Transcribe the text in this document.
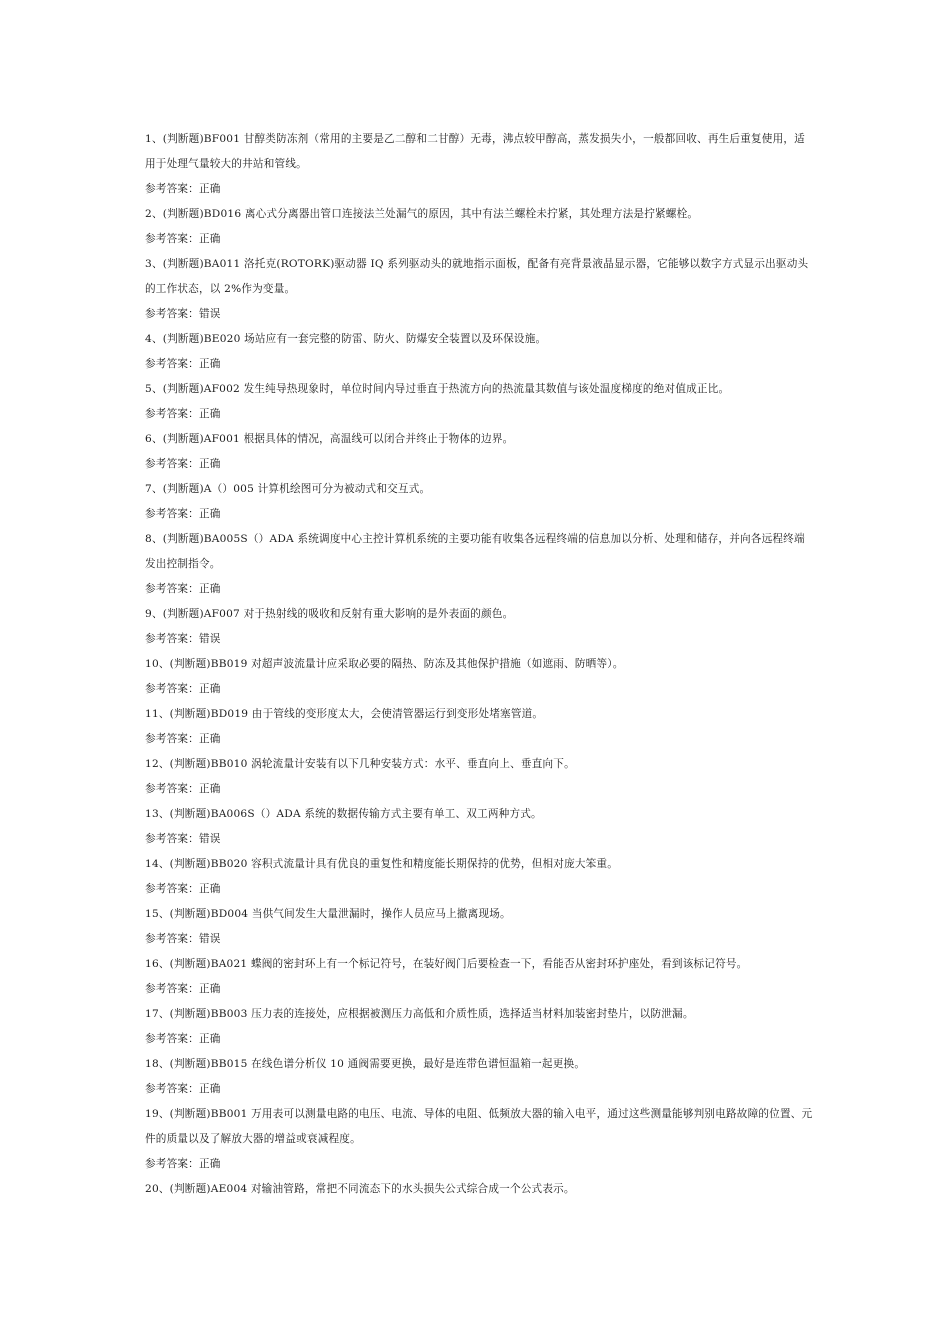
1、(判断题)BF001 甘醇类防冻剂（常用的主要是乙二醇和二甘醇）无毒，沸点较甲醇高，蒸发损失小，一般都回收、再生后重复使用，适用于处理气量较大的井站和管线。

参考答案：正确

2、(判断题)BD016 离心式分离器出管口连接法兰处漏气的原因，其中有法兰螺栓未拧紧，其处理方法是拧紧螺栓。

参考答案：正确

3、(判断题)BA011 洛托克(ROTORK)驱动器 IQ 系列驱动头的就地指示面板，配备有亮背景液晶显示器，它能够以数字方式显示出驱动头的工作状态，以 2%作为变量。

参考答案：错误

4、(判断题)BE020 场站应有一套完整的防雷、防火、防爆安全装置以及环保设施。

参考答案：正确

5、(判断题)AF002 发生纯导热现象时，单位时间内导过垂直于热流方向的热流量其数值与该处温度梯度的绝对值成正比。

参考答案：正确

6、(判断题)AF001 根据具体的情况，高温线可以闭合并终止于物体的边界。

参考答案：正确

7、(判断题)A（）005 计算机绘图可分为被动式和交互式。

参考答案：正确

8、(判断题)BA005S（）ADA 系统调度中心主控计算机系统的主要功能有收集各远程终端的信息加以分析、处理和储存，并向各远程终端发出控制指令。

参考答案：正确

9、(判断题)AF007 对于热射线的吸收和反射有重大影响的是外表面的颜色。

参考答案：错误

10、(判断题)BB019 对超声波流量计应采取必要的隔热、防冻及其他保护措施（如遮雨、防晒等）。

参考答案：正确

11、(判断题)BD019 由于管线的变形度太大，会使清管器运行到变形处堵塞管道。

参考答案：正确

12、(判断题)BB010 涡轮流量计安装有以下几种安装方式：水平、垂直向上、垂直向下。

参考答案：正确

13、(判断题)BA006S（）ADA 系统的数据传输方式主要有单工、双工两种方式。

参考答案：错误

14、(判断题)BB020 容积式流量计具有优良的重复性和精度能长期保持的优势，但相对庞大笨重。

参考答案：正确

15、(判断题)BD004 当供气间发生大量泄漏时，操作人员应马上撤离现场。

参考答案：错误

16、(判断题)BA021 蝶阀的密封环上有一个标记符号，在装好阀门后要检查一下，看能否从密封环护座处，看到该标记符号。

参考答案：正确

17、(判断题)BB003 压力表的连接处，应根据被测压力高低和介质性质，选择适当材料加装密封垫片，以防泄漏。

参考答案：正确

18、(判断题)BB015 在线色谱分析仪 10 通阀需要更换，最好是连带色谱恒温箱一起更换。

参考答案：正确

19、(判断题)BB001 万用表可以测量电路的电压、电流、导体的电阻、低频放大器的输入电平，通过这些测量能够判别电路故障的位置、元件的质量以及了解放大器的增益或衰减程度。

参考答案：正确

20、(判断题)AE004 对输油管路，常把不同流态下的水头损失公式综合成一个公式表示。
